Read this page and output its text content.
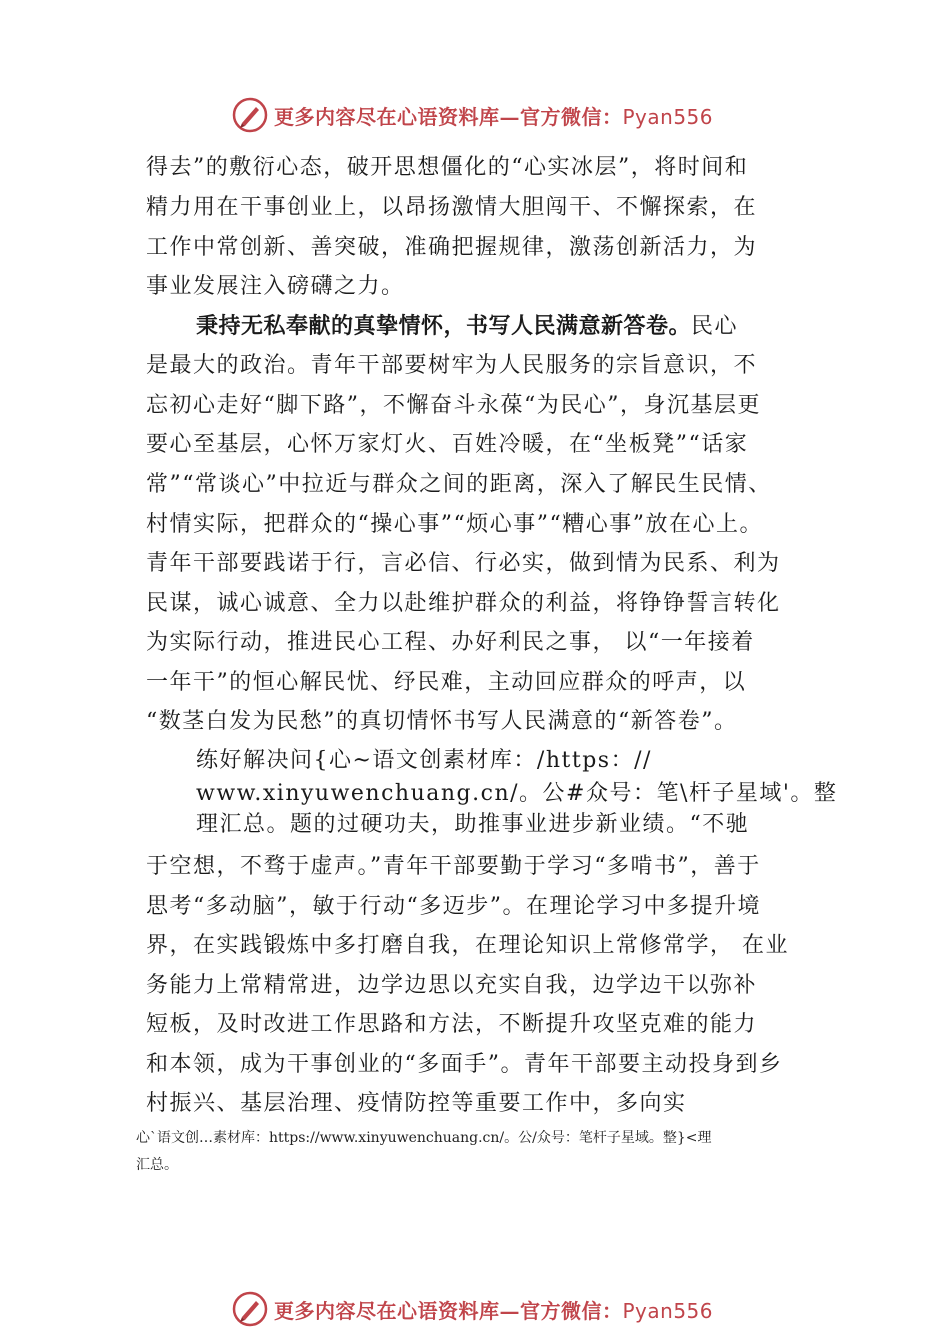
更多内容尽在心语资料库—官方微信：Pyan556
得去”的敷衍心态，破开思想僵化的“心实冰层”，将时间和
精力用在干事创业上，以昂扬激情大胆闯干、不懈探索，在
工作中常创新、善突破，准确把握规律，激荡创新活力，为
事业发展注入磅礴之力。
秉持无私奉献的真挚情怀，书写人民满意新答卷。民心
是最大的政治。青年干部要树牢为人民服务的宗旨意识，不
忘初心走好“脚下路”，不懈奋斗永葆“为民心”，身沉基层更
要心至基层，心怀万家灯火、百姓冷暖，在“坐板凳”“话家
常”“常谈心”中拉近与群众之间的距离，深入了解民生民情、
村情实际，把群众的“操心事”“烦心事”“糟心事”放在心上。
青年干部要践诺于行，言必信、行必实，做到情为民系、利为
民谋，诚心诚意、全力以赴维护群众的利益，将铮铮誓言转化
为实际行动，推进民心工程、办好利民之事， 以“一年接着
一年干”的恒心解民忧、纾民难，主动回应群众的呼声，以
“数茎白发为民愁”的真切情怀书写人民满意的“新答卷”。
练好解决问{心~语文创素材库：/https：//
www.xinyuwenchuang.cn/。公#众号：笔\杆子星域'。整
理汇总。题的过硬功夫，助推事业进步新业绩。“不驰
于空想，不骛于虚声。”青年干部要勤于学习“多啃书”，善于
思考“多动脑”，敏于行动“多迈步”。在理论学习中多提升境
界，在实践锻炼中多打磨自我，在理论知识上常修常学， 在业
务能力上常精常进，边学边思以充实自我，边学边干以弥补
短板，及时改进工作思路和方法，不断提升攻坚克难的能力
和本领，成为干事创业的“多面手”。青年干部要主动投身到乡
村振兴、基层治理、疫情防控等重要工作中，多向实
心`语文创…素材库：https://www.xinyuwenchuang.cn/。公/众号：笔杆子星域。整}<理
汇总。
更多内容尽在心语资料库—官方微信：Pyan556
